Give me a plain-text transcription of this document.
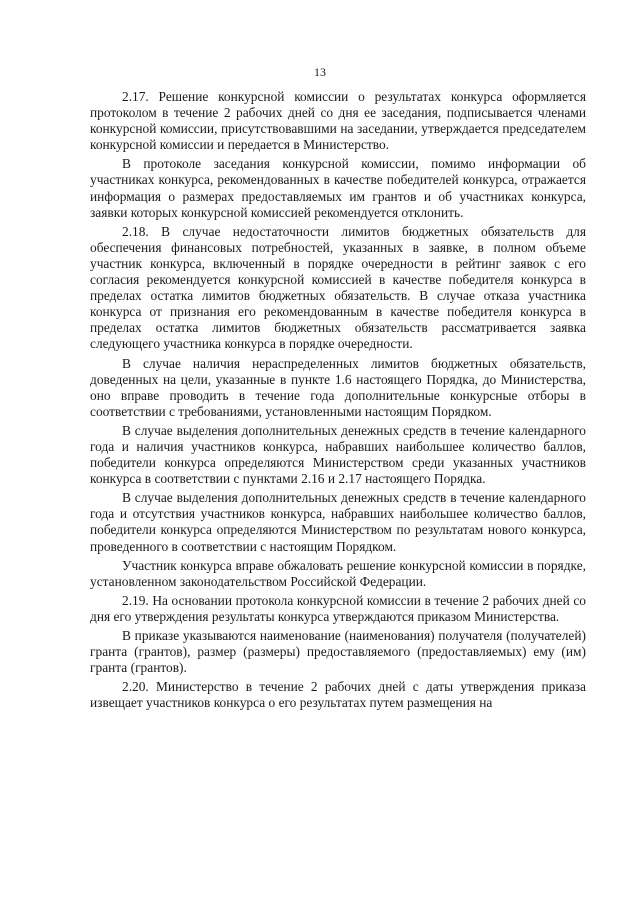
13

2.17. Решение конкурсной комиссии о результатах конкурса оформляется протоколом в течение 2 рабочих дней со дня ее заседания, подписывается членами конкурсной комиссии, присутствовавшими на заседании, утверждается председателем конкурсной комиссии и передается в Министерство.

В протоколе заседания конкурсной комиссии, помимо информации об участниках конкурса, рекомендованных в качестве победителей конкурса, отражается информация о размерах предоставляемых им грантов и об участниках конкурса, заявки которых конкурсной комиссией рекомендуется отклонить.

2.18. В случае недостаточности лимитов бюджетных обязательств для обеспечения финансовых потребностей, указанных в заявке, в полном объеме участник конкурса, включенный в порядке очередности в рейтинг заявок с его согласия рекомендуется конкурсной комиссией в качестве победителя конкурса в пределах остатка лимитов бюджетных обязательств. В случае отказа участника конкурса от признания его рекомендованным в качестве победителя конкурса в пределах остатка лимитов бюджетных обязательств рассматривается заявка следующего участника конкурса в порядке очередности.

В случае наличия нераспределенных лимитов бюджетных обязательств, доведенных на цели, указанные в пункте 1.6 настоящего Порядка, до Министерства, оно вправе проводить в течение года дополнительные конкурсные отборы в соответствии с требованиями, установленными настоящим Порядком.

В случае выделения дополнительных денежных средств в течение календарного года и наличия участников конкурса, набравших наибольшее количество баллов, победители конкурса определяются Министерством среди указанных участников конкурса в соответствии с пунктами 2.16 и 2.17 настоящего Порядка.

В случае выделения дополнительных денежных средств в течение календарного года и отсутствия участников конкурса, набравших наибольшее количество баллов, победители конкурса определяются Министерством по результатам нового конкурса, проведенного в соответствии с настоящим Порядком.

Участник конкурса вправе обжаловать решение конкурсной комиссии в порядке, установленном законодательством Российской Федерации.

2.19. На основании протокола конкурсной комиссии в течение 2 рабочих дней со дня его утверждения результаты конкурса утверждаются приказом Министерства.

В приказе указываются наименование (наименования) получателя (получателей) гранта (грантов), размер (размеры) предоставляемого (предоставляемых) ему (им) гранта (грантов).

2.20. Министерство в течение 2 рабочих дней с даты утверждения приказа извещает участников конкурса о его результатах путем размещения на
